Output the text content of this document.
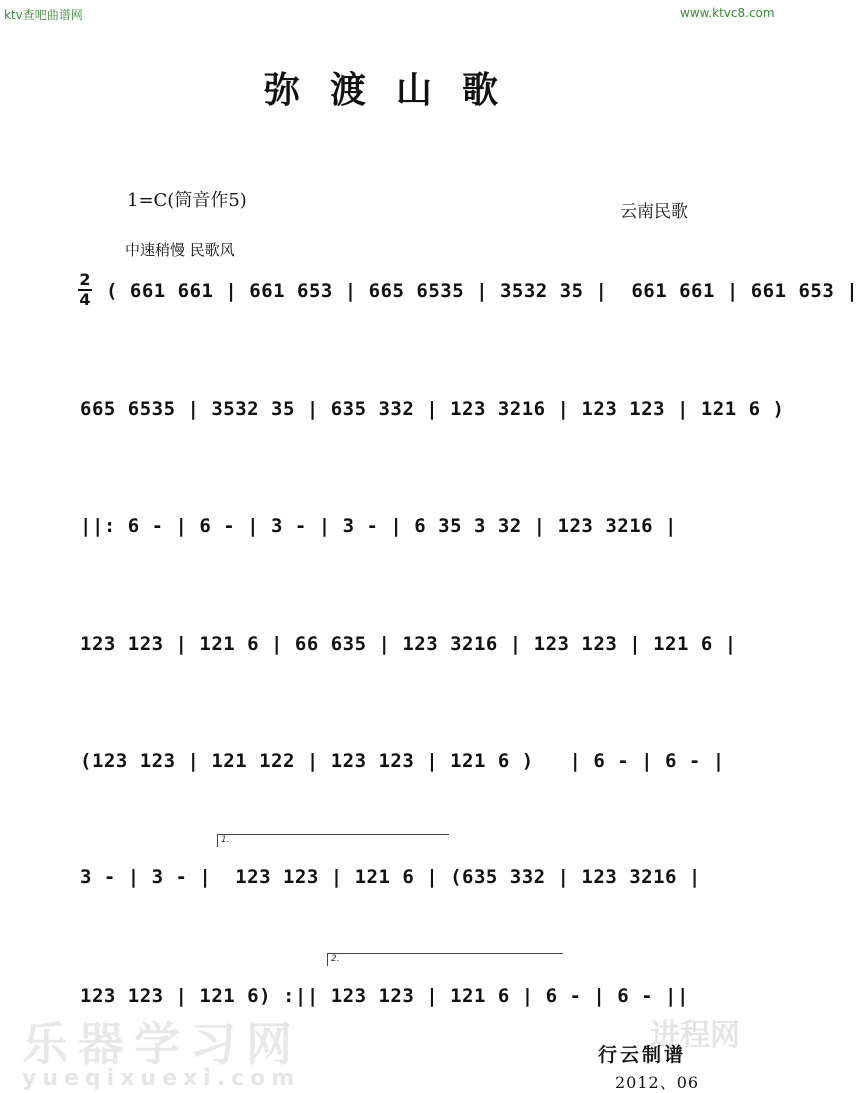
ktv查吧曲谱网	www.ktvc8.com
弥渡山歌
1=C(筒音作5)
云南民歌
中速稍慢 民歌风
2
4 ( 661 661 | 661 653 | 665 6535 | 3532 35 |  661 661 | 661 653 |
665 6535 | 3532 35 | 635 332 | 123 3216 | 123 123 | 121 6 )
||: 6 - | 6 - | 3 - | 3 - | 6 35 3 32 | 123 3216 |
123 123 | 121 6 | 66 635 | 123 3216 | 123 123 | 121 6 |
(123 123 | 121 122 | 123 123 | 121 6 )   | 6 - | 6 - |
1.
3 - | 3 - |  123 123 | 121 6 | (635 332 | 123 3216 |
2.
123 123 | 121 6) :|| 123 123 | 121 6 | 6 - | 6 - ||
乐器学习网
yueqixuexi.com
进程网
行云制谱
2012、06
